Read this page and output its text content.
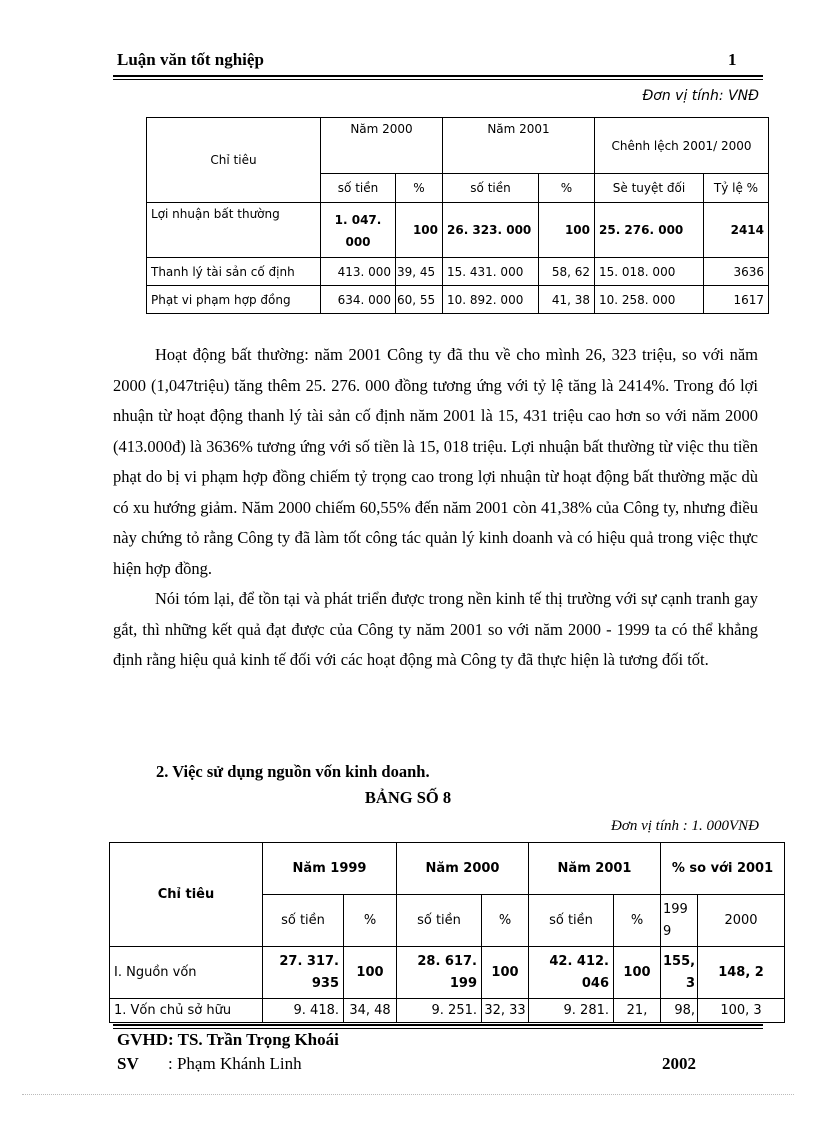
Luận văn tốt nghiệp	1
Đơn vị tính: VNĐ
Chỉ tiêu	Năm 2000		Năm 2001		Chênh lệch 2001/ 2000	
	số tiền	%	số tiền	%	Sè tuyệt đối	Tỷ lệ %
Lợi nhuận bất thường	1. 047. 000	100	26. 323. 000	100	25. 276. 000	2414
Thanh lý tài sản cố định	413. 000	39, 45	15. 431. 000	58, 62	15. 018. 000	3636
Phạt vi phạm hợp đồng	634. 000	60, 55	10. 892. 000	41, 38	10. 258. 000	1617

Hoạt động bất thường: năm 2001 Công ty đã thu về cho mình 26, 323 triệu, so với năm 2000 (1,047triệu) tăng thêm 25. 276. 000 đồng tương ứng với tỷ lệ tăng là 2414%. Trong đó lợi nhuận từ hoạt động thanh lý tài sản cố định năm 2001 là 15, 431 triệu cao hơn so với năm 2000 (413.000đ) là 3636% tương ứng với số tiền là 15, 018 triệu. Lợi nhuận bất thường từ việc thu tiền phạt do bị vi phạm hợp đồng chiếm tỷ trọng cao trong lợi nhuận từ hoạt động bất thường mặc dù có xu hướng giảm. Năm 2000 chiếm 60,55% đến năm 2001 còn 41,38% của Công ty, nhưng điều này chứng tỏ rằng Công ty đã làm tốt công tác quản lý kinh doanh và có hiệu quả trong việc thực hiện hợp đồng.

Nói tóm lại, để tồn tại và phát triển được trong nền kinh tế thị trường với sự cạnh tranh gay gắt, thì những kết quả đạt được của Công ty năm 2001 so với năm 2000 - 1999 ta có thể khẳng định rằng hiệu quả kinh tế đối với các hoạt động mà Công ty đã thực hiện là tương đối tốt.

2. Việc sử dụng nguồn vốn kinh doanh.
BẢNG SỐ 8
Đơn vị tính : 1. 000VNĐ
Chỉ tiêu	Năm 1999		Năm 2000		Năm 2001		% so với 2001	
	số tiền	%	số tiền	%	số tiền	%	199 9	2000
I. Nguồn vốn	27. 317. 935	100	28. 617. 199	100	42. 412. 046	100	155, 3	148, 2
1. Vốn chủ sở hữu	9. 418.	34, 48	9. 251.	32, 33	9. 281.	21,	98,	100, 3
GVHD: TS. Trần Trọng Khoái
SV : Phạm Khánh Linh	2002
